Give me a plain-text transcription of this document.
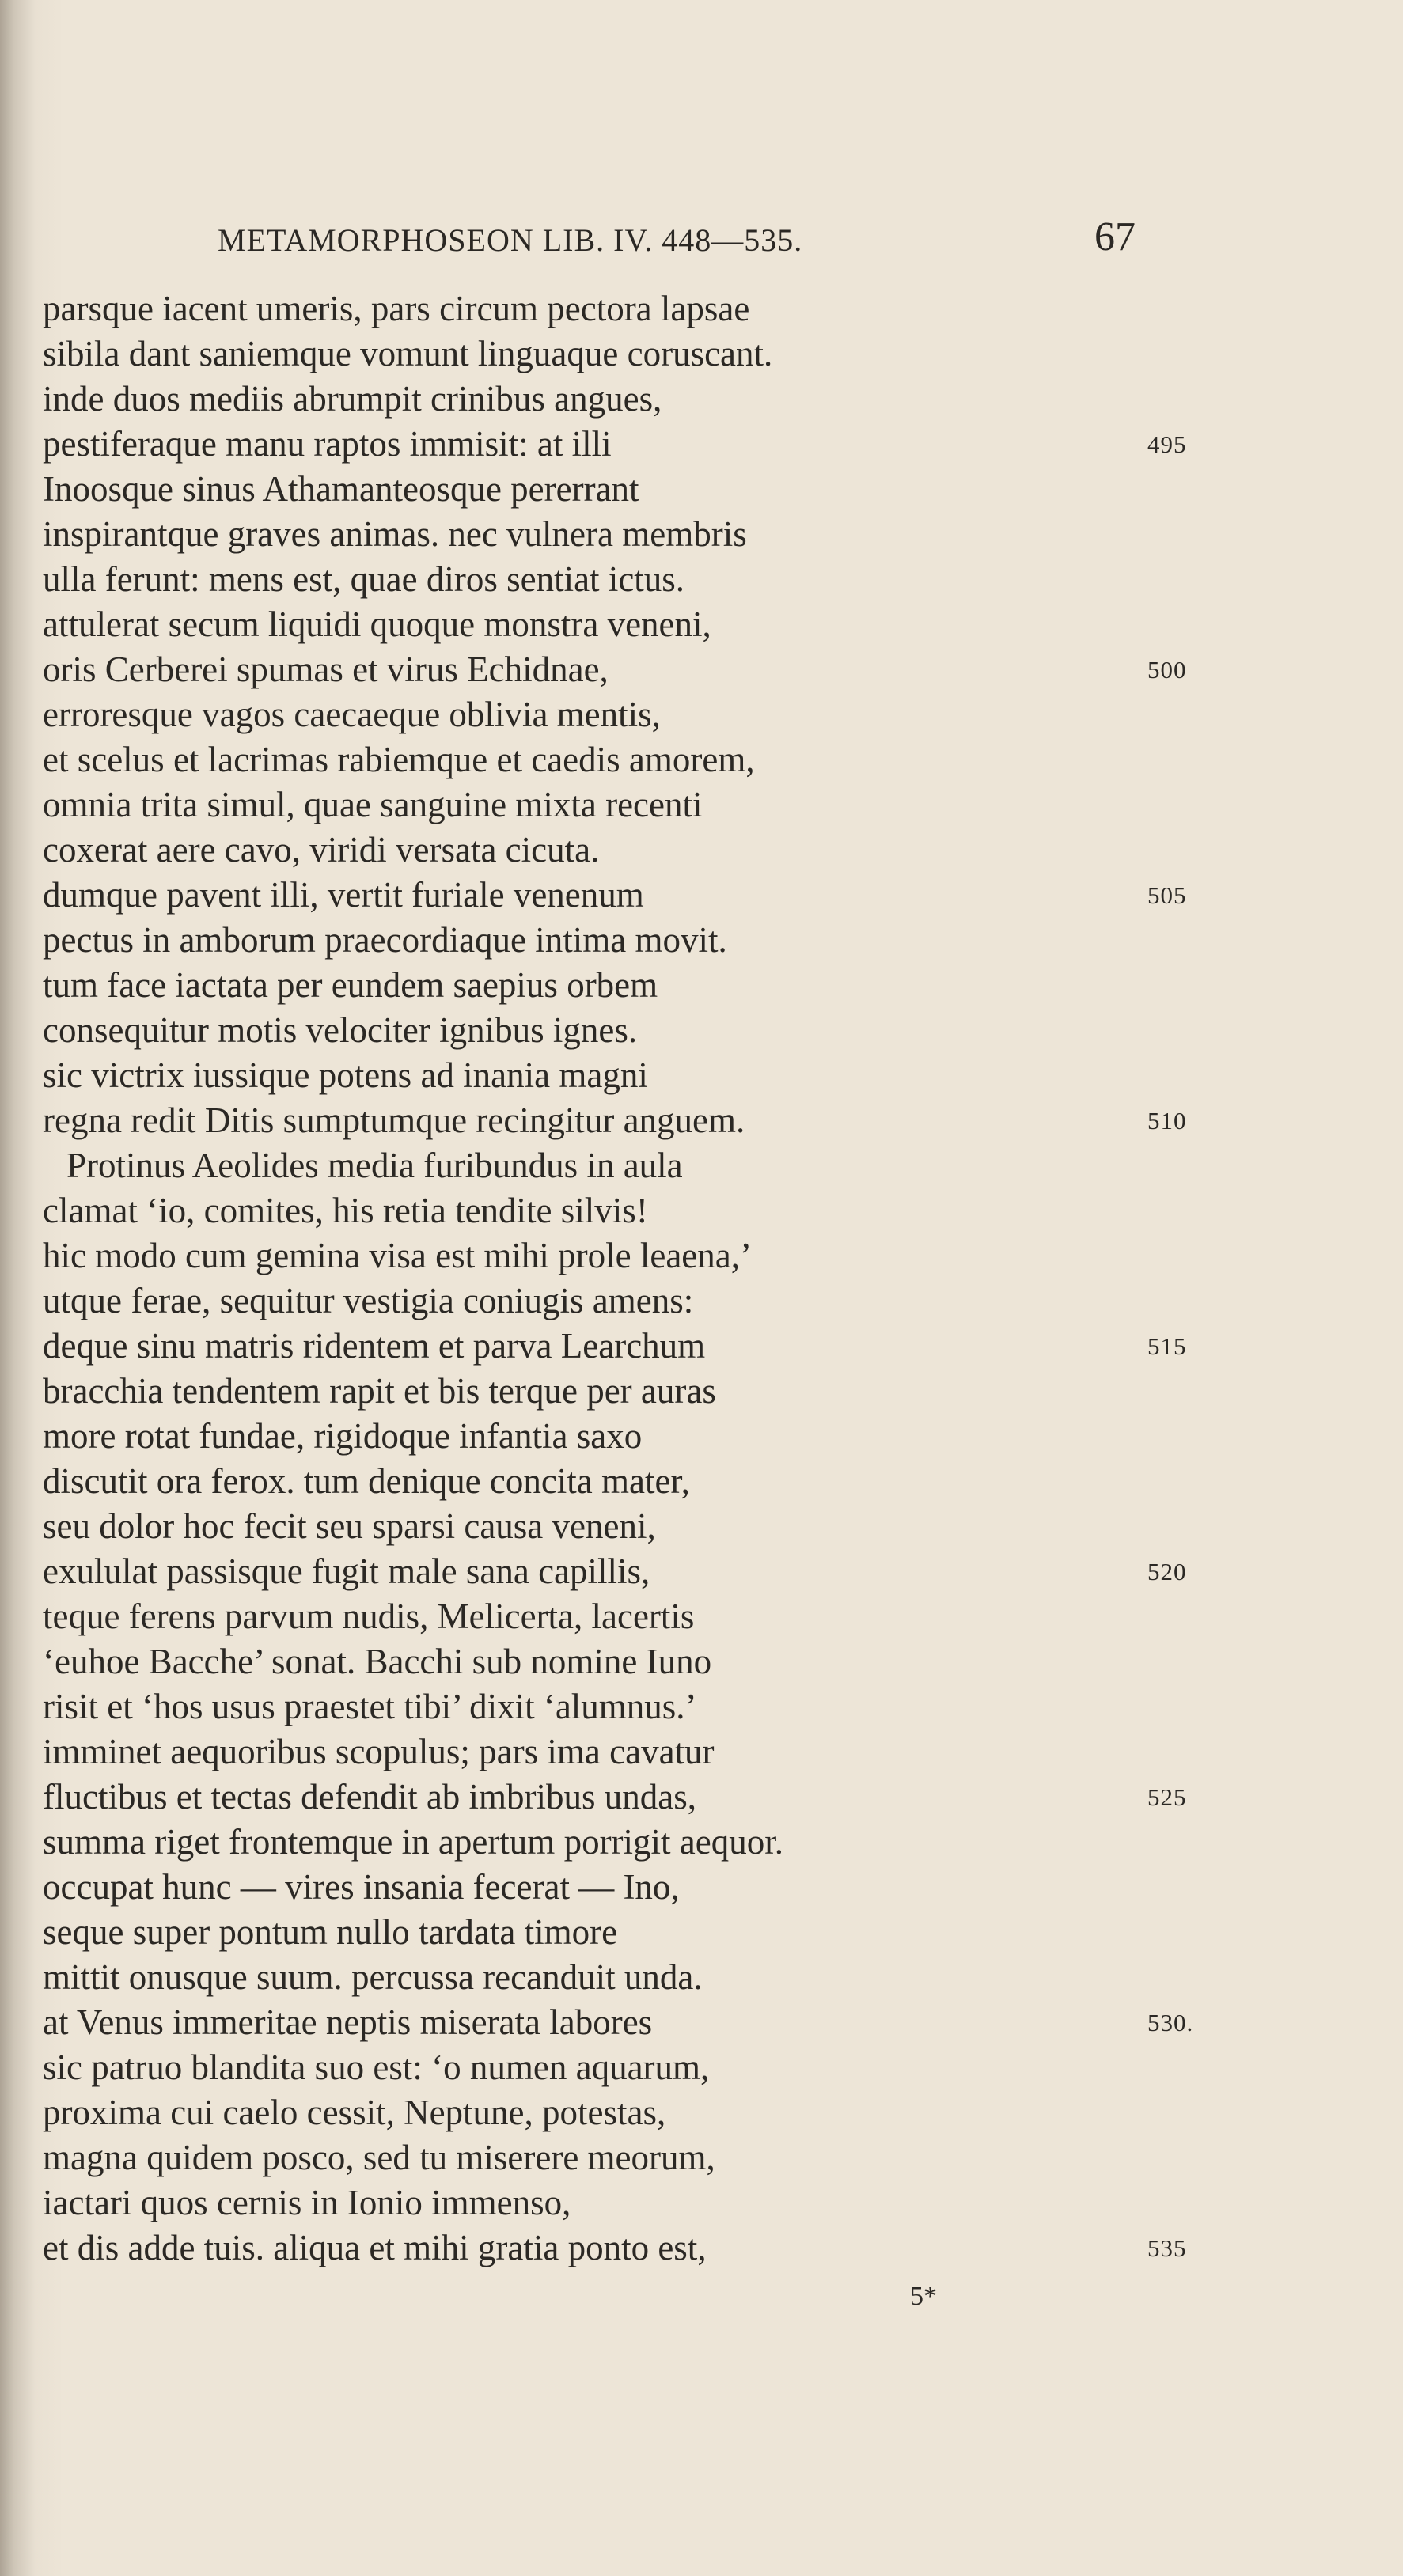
METAMORPHOSEON LIB. IV. 448—535.	67
parsque iacent umeris, pars circum pectora lapsae
sibila dant saniemque vomunt linguaque coruscant.
inde duos mediis abrumpit crinibus angues,
pestiferaque manu raptos immisit: at illi	495
Inoosque sinus Athamanteosque pererrant
inspirantque graves animas. nec vulnera membris
ulla ferunt: mens est, quae diros sentiat ictus.
attulerat secum liquidi quoque monstra veneni,
oris Cerberei spumas et virus Echidnae,	500
erroresque vagos caecaeque oblivia mentis,
et scelus et lacrimas rabiemque et caedis amorem,
omnia trita simul, quae sanguine mixta recenti
coxerat aere cavo, viridi versata cicuta.
dumque pavent illi, vertit furiale venenum	505
pectus in amborum praecordiaque intima movit.
tum face iactata per eundem saepius orbem
consequitur motis velociter ignibus ignes.
sic victrix iussique potens ad inania magni
regna redit Ditis sumptumque recingitur anguem.	510
Protinus Aeolides media furibundus in aula
clamat ‘io, comites, his retia tendite silvis!
hic modo cum gemina visa est mihi prole leaena,’
utque ferae, sequitur vestigia coniugis amens:
deque sinu matris ridentem et parva Learchum	515
bracchia tendentem rapit et bis terque per auras
more rotat fundae, rigidoque infantia saxo
discutit ora ferox. tum denique concita mater,
seu dolor hoc fecit seu sparsi causa veneni,
exululat passisque fugit male sana capillis,	520
teque ferens parvum nudis, Melicerta, lacertis
‘euhoe Bacche’ sonat. Bacchi sub nomine Iuno
risit et ‘hos usus praestet tibi’ dixit ‘alumnus.’
imminet aequoribus scopulus; pars ima cavatur
fluctibus et tectas defendit ab imbribus undas,	525
summa riget frontemque in apertum porrigit aequor.
occupat hunc — vires insania fecerat — Ino,
seque super pontum nullo tardata timore
mittit onusque suum. percussa recanduit unda.
at Venus immeritae neptis miserata labores	530.
sic patruo blandita suo est: ‘o numen aquarum,
proxima cui caelo cessit, Neptune, potestas,
magna quidem posco, sed tu miserere meorum,
iactari quos cernis in Ionio immenso,
et dis adde tuis. aliqua et mihi gratia ponto est,	535
5*
